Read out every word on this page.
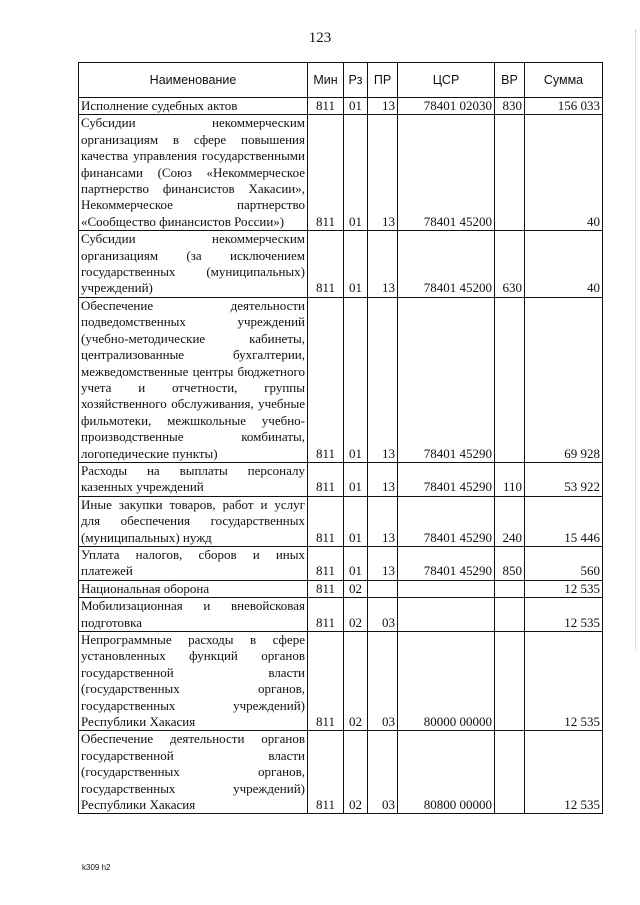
123
Наименование	Мин	Рз	ПР	ЦСР	ВР	Сумма
Исполнение судебных актов	811	01	13	78401 02030	830	156 033
Субсидии некоммерческим организациям в сфере повышения качества управления государственными финансами (Союз «Некоммерческое партнерство финансистов Хакасии», Некоммерческое партнерство «Сообщество финансистов России»)	811	01	13	78401 45200		40
Субсидии некоммерческим организациям (за исключением государственных (муниципальных) учреждений)	811	01	13	78401 45200	630	40
Обеспечение деятельности подведомственных учреждений (учебно-методические кабинеты, централизованные бухгалтерии, межведомственные центры бюджетного учета и отчетности, группы хозяйственного обслуживания, учебные фильмотеки, межшкольные учебно-производственные комбинаты, логопедические пункты)	811	01	13	78401 45290		69 928
Расходы на выплаты персоналу казенных учреждений	811	01	13	78401 45290	110	53 922
Иные закупки товаров, работ и услуг для обеспечения государственных (муниципальных) нужд	811	01	13	78401 45290	240	15 446
Уплата налогов, сборов и иных платежей	811	01	13	78401 45290	850	560
Национальная оборона	811	02				12 535
Мобилизационная и вневойсковая подготовка	811	02	03			12 535
Непрограммные расходы в сфере установленных функций органов государственной власти (государственных органов, государственных учреждений) Республики Хакасия	811	02	03	80000 00000		12 535
Обеспечение деятельности органов государственной власти (государственных органов, государственных учреждений) Республики Хакасия	811	02	03	80800 00000		12 535
k309 h2
